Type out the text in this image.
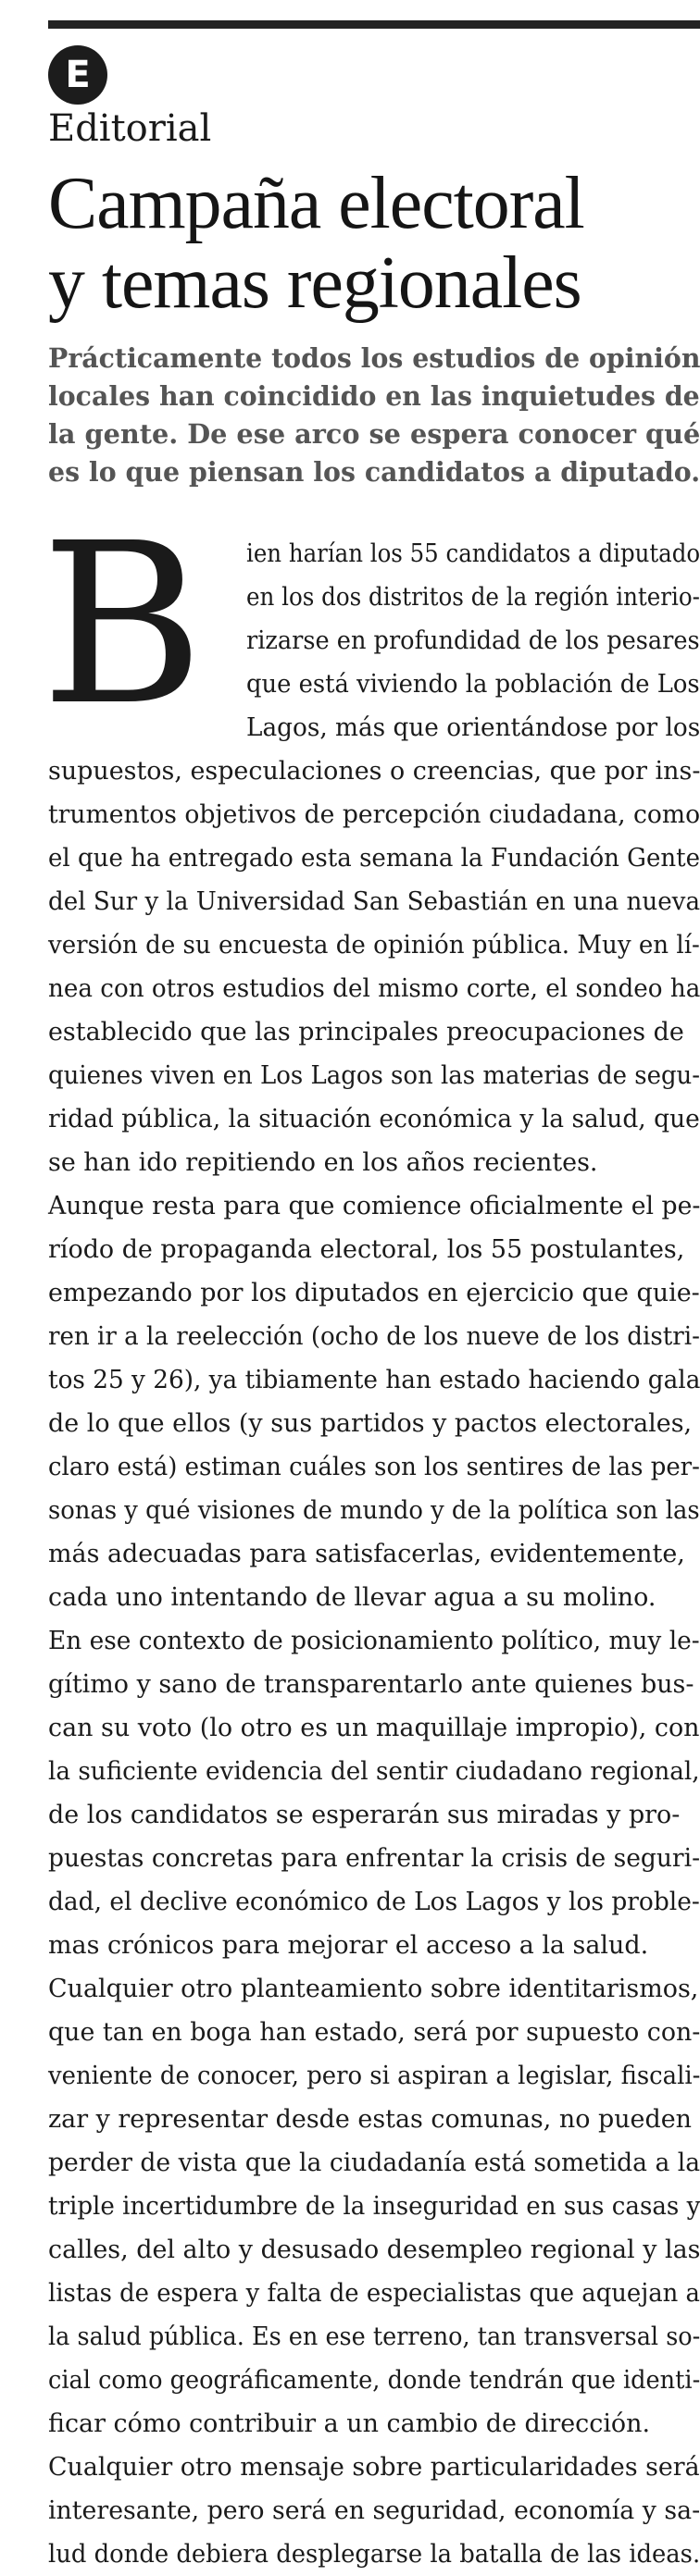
E
Editorial
Campaña electoral
y temas regionales
Prácticamente todos los estudios de opinión
locales han coincidido en las inquietudes de
la gente. De ese arco se espera conocer qué
es lo que piensan los candidatos a diputado.
B	ien harían los 55 candidatos a diputado
en los dos distritos de la región interio-
rizarse en profundidad de los pesares
que está viviendo la población de Los
Lagos, más que orientándose por los
supuestos, especulaciones o creencias, que por ins-
trumentos objetivos de percepción ciudadana, como
el que ha entregado esta semana la Fundación Gente
del Sur y la Universidad San Sebastián en una nueva
versión de su encuesta de opinión pública. Muy en lí-
nea con otros estudios del mismo corte, el sondeo ha
establecido que las principales preocupaciones de
quienes viven en Los Lagos son las materias de segu-
ridad pública, la situación económica y la salud, que
se han ido repitiendo en los años recientes.
Aunque resta para que comience oficialmente el pe-
ríodo de propaganda electoral, los 55 postulantes,
empezando por los diputados en ejercicio que quie-
ren ir a la reelección (ocho de los nueve de los distri-
tos 25 y 26), ya tibiamente han estado haciendo gala
de lo que ellos (y sus partidos y pactos electorales,
claro está) estiman cuáles son los sentires de las per-
sonas y qué visiones de mundo y de la política son las
más adecuadas para satisfacerlas, evidentemente,
cada uno intentando de llevar agua a su molino.
En ese contexto de posicionamiento político, muy le-
gítimo y sano de transparentarlo ante quienes bus-
can su voto (lo otro es un maquillaje impropio), con
la suficiente evidencia del sentir ciudadano regional,
de los candidatos se esperarán sus miradas y pro-
puestas concretas para enfrentar la crisis de seguri-
dad, el declive económico de Los Lagos y los proble-
mas crónicos para mejorar el acceso a la salud.
Cualquier otro planteamiento sobre identitarismos,
que tan en boga han estado, será por supuesto con-
veniente de conocer, pero si aspiran a legislar, fiscali-
zar y representar desde estas comunas, no pueden
perder de vista que la ciudadanía está sometida a la
triple incertidumbre de la inseguridad en sus casas y
calles, del alto y desusado desempleo regional y las
listas de espera y falta de especialistas que aquejan a
la salud pública. Es en ese terreno, tan transversal so-
cial como geográficamente, donde tendrán que identi-
ficar cómo contribuir a un cambio de dirección.
Cualquier otro mensaje sobre particularidades será
interesante, pero será en seguridad, economía y sa-
lud donde debiera desplegarse la batalla de las ideas.
